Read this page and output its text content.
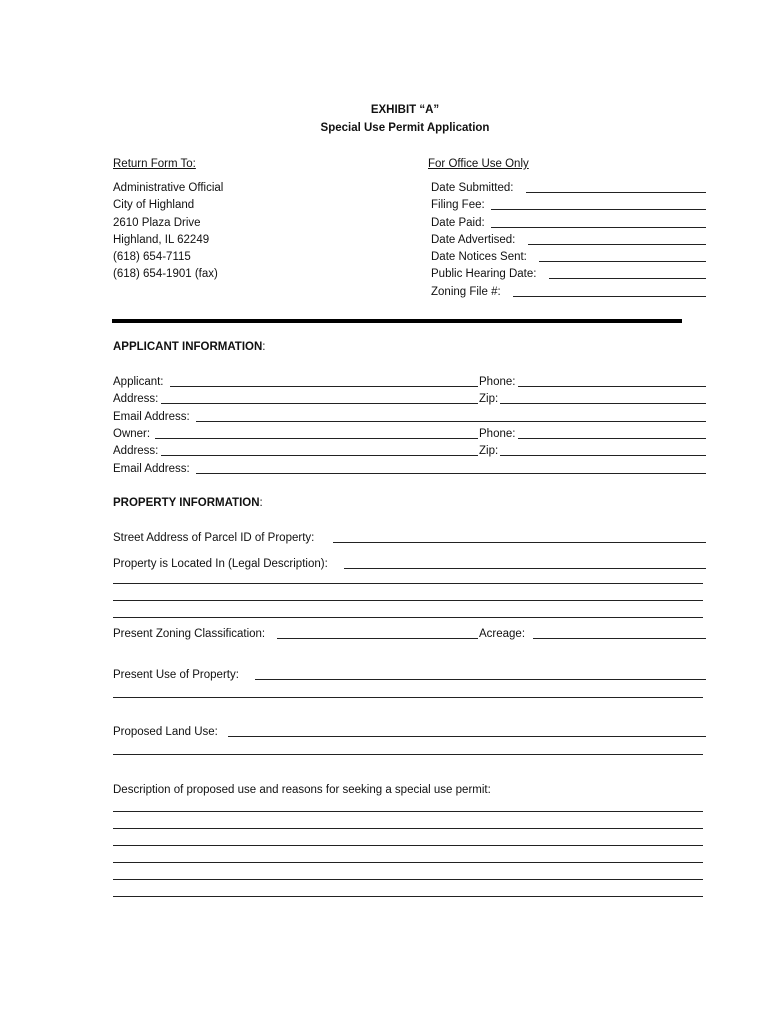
EXHIBIT “A”
Special Use Permit Application
Return Form To:
Administrative Official
City of Highland
2610 Plaza Drive
Highland, IL 62249
(618) 654-7115
(618) 654-1901 (fax)
For Office Use Only
Date Submitted:
Filing Fee:
Date Paid:
Date Advertised:
Date Notices Sent:
Public Hearing Date:
Zoning File #:
APPLICANT INFORMATION:
Applicant:	Phone:
Address:	Zip:
Email Address:
Owner:	Phone:
Address:	Zip:
Email Address:
PROPERTY INFORMATION:
Street Address of Parcel ID of Property:
Property is Located In (Legal Description):
Present Zoning Classification:	Acreage:
Present Use of Property:
Proposed Land Use:
Description of proposed use and reasons for seeking a special use permit:
